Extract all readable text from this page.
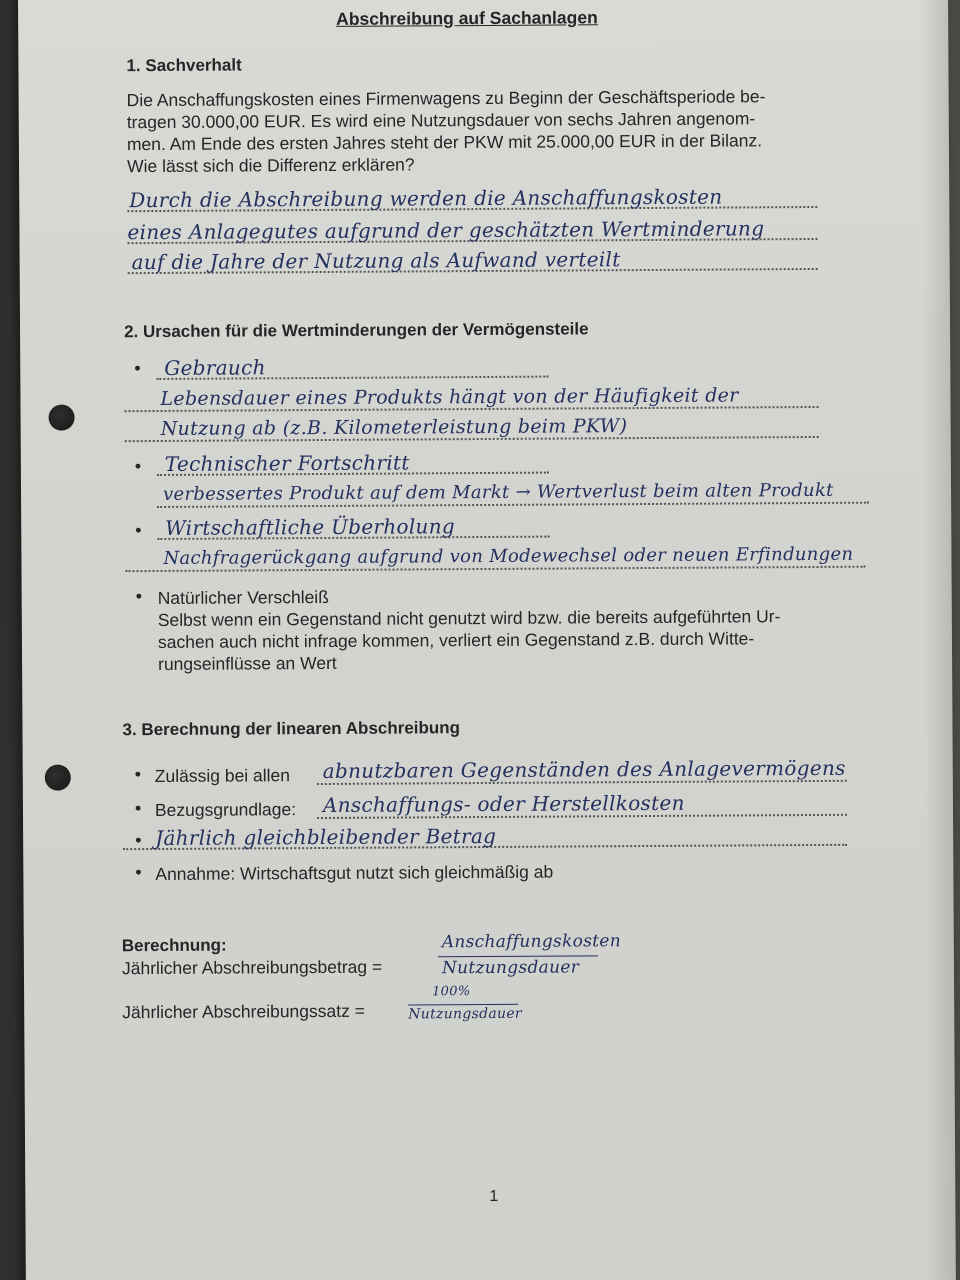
Abschreibung auf Sachanlagen
1. Sachverhalt
Die Anschaffungskosten eines Firmenwagens zu Beginn der Geschäftsperiode be-
tragen 30.000,00 EUR. Es wird eine Nutzungsdauer von sechs Jahren angenom-
men. Am Ende des ersten Jahres steht der PKW mit 25.000,00 EUR in der Bilanz.
Wie lässt sich die Differenz erklären?
Durch die Abschreibung werden die Anschaffungskosten
eines Anlagegutes aufgrund der geschätzten Wertminderung
auf die Jahre der Nutzung als Aufwand verteilt
2. Ursachen für die Wertminderungen der Vermögensteile
• Gebrauch
Lebensdauer eines Produkts hängt von der Häufigkeit der
Nutzung ab (z.B. Kilometerleistung beim PKW)
• Technischer Fortschritt
verbessertes Produkt auf dem Markt → Wertverlust beim alten Produkt
• Wirtschaftliche Überholung
Nachfragerückgang aufgrund von Modewechsel oder neuen Erfindungen
• Natürlicher Verschleiß
Selbst wenn ein Gegenstand nicht genutzt wird bzw. die bereits aufgeführten Ur-
sachen auch nicht infrage kommen, verliert ein Gegenstand z.B. durch Witte-
rungseinflüsse an Wert
3. Berechnung der linearen Abschreibung
• Zulässig bei allen abnutzbaren Gegenständen des Anlagevermögens
• Bezugsgrundlage: Anschaffungs- oder Herstellkosten
• Jährlich gleichbleibender Betrag
• Annahme: Wirtschaftsgut nutzt sich gleichmäßig ab
Berechnung:
Jährlicher Abschreibungsbetrag =
Anschaffungskosten
Nutzungsdauer
Jährlicher Abschreibungssatz =
100%
Nutzungsdauer
1
